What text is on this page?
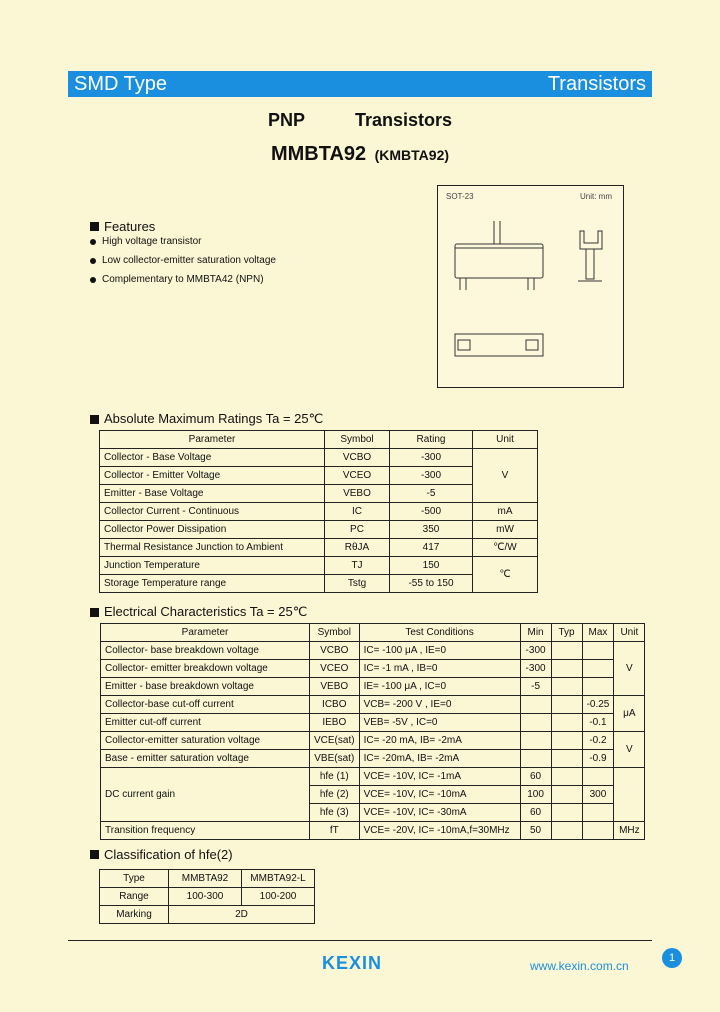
SMD Type	Transistors
PNP	Transistors
MMBTA92 (KMBTA92)
Features
High voltage transistor
Low collector-emitter saturation voltage
Complementary to MMBTA42 (NPN)
SOT-23	Unit: mm
Absolute Maximum Ratings Ta = 25℃
Parameter	Symbol	Rating	Unit
Collector - Base Voltage	VCBO	-300	V
Collector - Emitter Voltage	VCEO	-300	
Emitter - Base Voltage	VEBO	-5	
Collector Current - Continuous	IC	-500	mA
Collector Power Dissipation	PC	350	mW
Thermal Resistance Junction to Ambient	RθJA	417	℃/W
Junction Temperature	TJ	150	℃
Storage Temperature range	Tstg	-55 to 150	
Electrical Characteristics Ta = 25℃
Parameter	Symbol	Test Conditions	Min	Typ	Max	Unit
Collector- base breakdown voltage	VCBO	IC= -100 μA , IE=0	-300			V
Collector- emitter breakdown voltage	VCEO	IC= -1 mA , IB=0	-300			
Emitter - base breakdown voltage	VEBO	IE= -100 μA , IC=0	-5			
Collector-base cut-off current	ICBO	VCB= -200 V , IE=0			-0.25	μA
Emitter cut-off current	IEBO	VEB= -5V , IC=0			-0.1	
Collector-emitter saturation voltage	VCE(sat)	IC= -20 mA, IB= -2mA			-0.2	V
Base - emitter saturation voltage	VBE(sat)	IC= -20mA, IB= -2mA			-0.9	
DC current gain	hfe (1)	VCE= -10V, IC= -1mA	60			
	hfe (2)	VCE= -10V, IC= -10mA	100		300	
	hfe (3)	VCE= -10V, IC= -30mA	60			
Transition frequency	fT	VCE= -20V, IC= -10mA,f=30MHz	50			MHz
Classification of hfe(2)
Type	MMBTA92	MMBTA92-L
Range	100-300	100-200
Marking	2D	
KEXIN	www.kexin.com.cn
1
